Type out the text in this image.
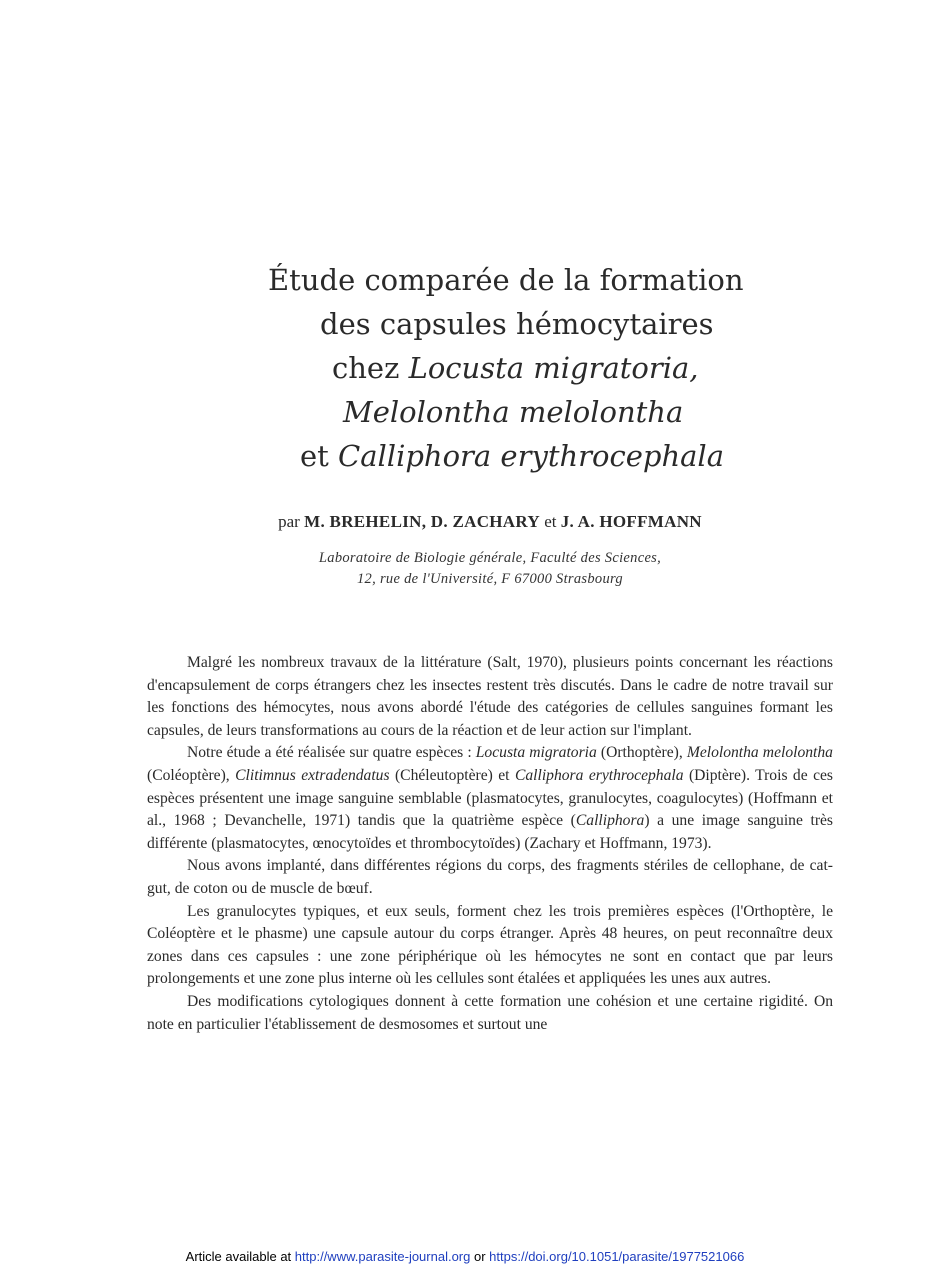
Étude comparée de la formation
des capsules hémocytaires
chez Locusta migratoria,
Melolontha melolontha
et Calliphora erythrocephala
par M. BREHELIN, D. ZACHARY et J. A. HOFFMANN
Laboratoire de Biologie générale, Faculté des Sciences,
12, rue de l'Université, F 67000 Strasbourg

Malgré les nombreux travaux de la littérature (Salt, 1970), plusieurs points concernant les réactions d'encapsulement de corps étrangers chez les insectes restent très discutés. Dans le cadre de notre travail sur les fonctions des hémocytes, nous avons abordé l'étude des catégories de cellules sanguines formant les capsules, de leurs transformations au cours de la réaction et de leur action sur l'implant.

Notre étude a été réalisée sur quatre espèces : Locusta migratoria (Orthoptère), Melolontha melolontha (Coléoptère), Clitimnus extradendatus (Chéleutoptère) et Calliphora erythrocephala (Diptère). Trois de ces espèces présentent une image sanguine semblable (plasmatocytes, granulocytes, coagulocytes) (Hoffmann et al., 1968 ; Devanchelle, 1971) tandis que la quatrième espèce (Calliphora) a une image sanguine très différente (plasmatocytes, œnocytoïdes et thrombocytoïdes) (Zachary et Hoffmann, 1973).

Nous avons implanté, dans différentes régions du corps, des fragments stériles de cellophane, de cat-gut, de coton ou de muscle de bœuf.

Les granulocytes typiques, et eux seuls, forment chez les trois premières espèces (l'Orthoptère, le Coléoptère et le phasme) une capsule autour du corps étranger. Après 48 heures, on peut reconnaître deux zones dans ces capsules : une zone périphérique où les hémocytes ne sont en contact que par leurs prolongements et une zone plus interne où les cellules sont étalées et appliquées les unes aux autres.

Des modifications cytologiques donnent à cette formation une cohésion et une certaine rigidité. On note en particulier l'établissement de desmosomes et surtout une

Article available at http://www.parasite-journal.org or https://doi.org/10.1051/parasite/1977521066
